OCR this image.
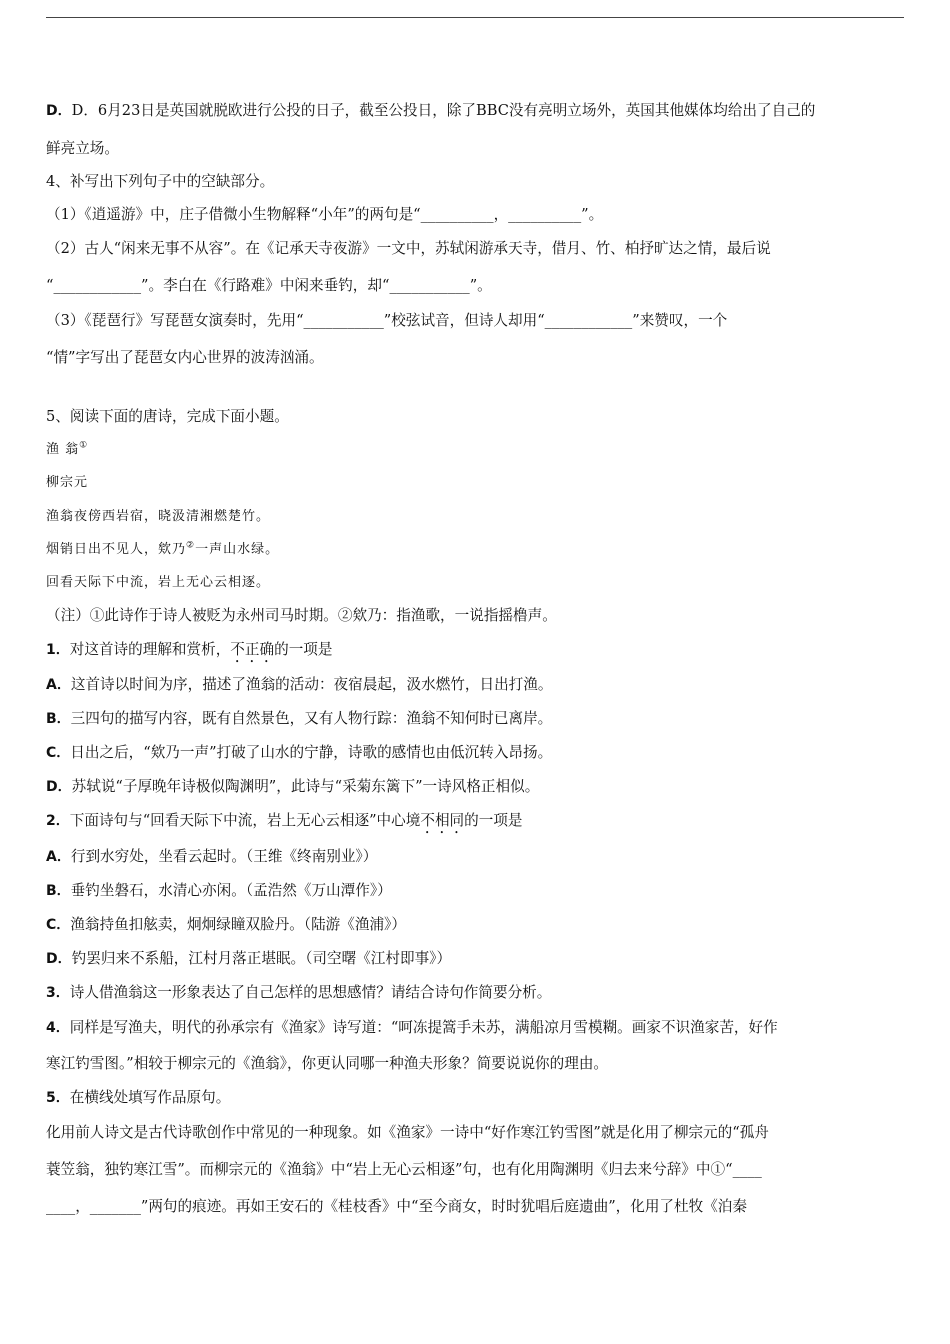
D．D．6月23日是英国就脱欧进行公投的日子，截至公投日，除了BBC没有亮明立场外，英国其他媒体均给出了自己的
鲜亮立场。
4、补写出下列句子中的空缺部分。
（1）《逍遥游》中，庄子借微小生物解释“小年”的两句是“__________，__________”。
（2）古人“闲来无事不从容”。在《记承天寺夜游》一文中，苏轼闲游承天寺，借月、竹、柏抒旷达之情，最后说
“____________”。李白在《行路难》中闲来垂钓，却“___________”。
（3）《琵琶行》写琵琶女演奏时，先用“___________”校弦试音，但诗人却用“____________”来赞叹，一个
“情”字写出了琵琶女内心世界的波涛汹涌。
5、阅读下面的唐诗，完成下面小题。
渔 翁①
柳宗元
渔翁夜傍西岩宿，晓汲清湘燃楚竹。
烟销日出不见人，欸乃②一声山水绿。
回看天际下中流，岩上无心云相逐。
（注）①此诗作于诗人被贬为永州司马时期。②欸乃：指渔歌，一说指摇橹声。
1．对这首诗的理解和赏析，不正确的一项是
A．这首诗以时间为序，描述了渔翁的活动：夜宿晨起，汲水燃竹，日出打渔。
B．三四句的描写内容，既有自然景色，又有人物行踪：渔翁不知何时已离岸。
C．日出之后，“欸乃一声”打破了山水的宁静，诗歌的感情也由低沉转入昂扬。
D．苏轼说“子厚晚年诗极似陶渊明”，此诗与“采菊东篱下”一诗风格正相似。
2．下面诗句与“回看天际下中流，岩上无心云相逐”中心境不相同的一项是
A．行到水穷处，坐看云起时。（王维《终南别业》）
B．垂钓坐磐石，水清心亦闲。（孟浩然《万山潭作》）
C．渔翁持鱼扣舷卖，炯炯绿瞳双脸丹。（陆游《渔浦》）
D．钓罢归来不系船，江村月落正堪眠。（司空曙《江村即事》）
3．诗人借渔翁这一形象表达了自己怎样的思想感情？请结合诗句作简要分析。
4．同样是写渔夫，明代的孙承宗有《渔家》诗写道：“呵冻提篙手未苏，满船凉月雪模糊。画家不识渔家苦，好作
寒江钓雪图。”相较于柳宗元的《渔翁》，你更认同哪一种渔夫形象？简要说说你的理由。
5．在横线处填写作品原句。
化用前人诗文是古代诗歌创作中常见的一种现象。如《渔家》一诗中“好作寒江钓雪图”就是化用了柳宗元的“孤舟
蓑笠翁，独钓寒江雪”。而柳宗元的《渔翁》中“岩上无心云相逐”句，也有化用陶渊明《归去来兮辞》中①“____
____，_______”两句的痕迹。再如王安石的《桂枝香》中“至今商女，时时犹唱后庭遗曲”，化用了杜牧《泊秦
